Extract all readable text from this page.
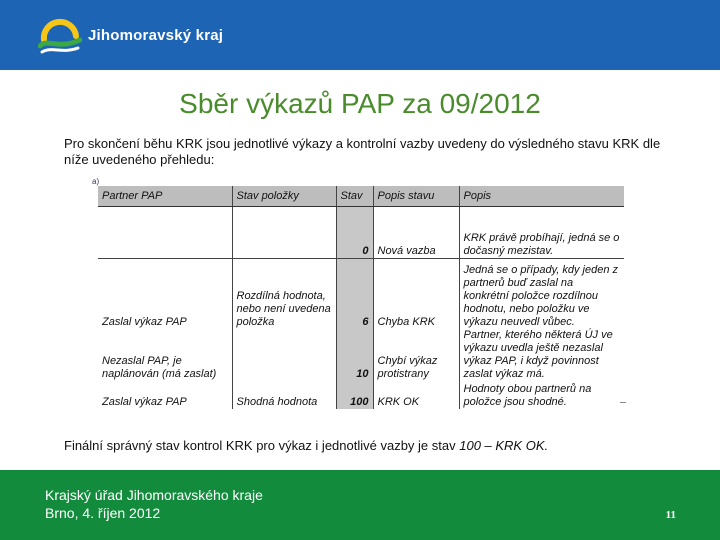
Jihomoravský kraj
Sběr výkazů PAP za 09/2012
Pro skončení běhu KRK jsou jednotlivé výkazy a kontrolní vazby uvedeny do výsledného stavu KRK dle níže uvedeného přehledu:
a)
Partner PAP	Stav položky	Stav	Popis stavu	Popis
		0	Nová vazba	KRK právě probíhají, jedná se o dočasný mezistav.
Zaslal výkaz PAP	Rozdílná hodnota, nebo není uvedena položka	6	Chyba KRK	Jedná se o případy, kdy jeden z partnerů buď zaslal na konkrétní položce rozdílnou hodnotu, nebo položku ve výkazu neuvedl vůbec.
Nezaslal PAP, je naplánován (má zaslat)		10	Chybí výkaz protistrany	Partner, kterého některá ÚJ ve výkazu uvedla ještě nezaslal výkaz PAP, i když povinnost zaslat výkaz má.
Zaslal výkaz PAP	Shodná hodnota	100	KRK OK	Hodnoty obou partnerů na položce jsou shodné.
Finální správný stav kontrol KRK pro výkaz i jednotlivé vazby je stav 100 – KRK OK.
Krajský úřad Jihomoravského kraje
Brno, 4. říjen 2012	11
